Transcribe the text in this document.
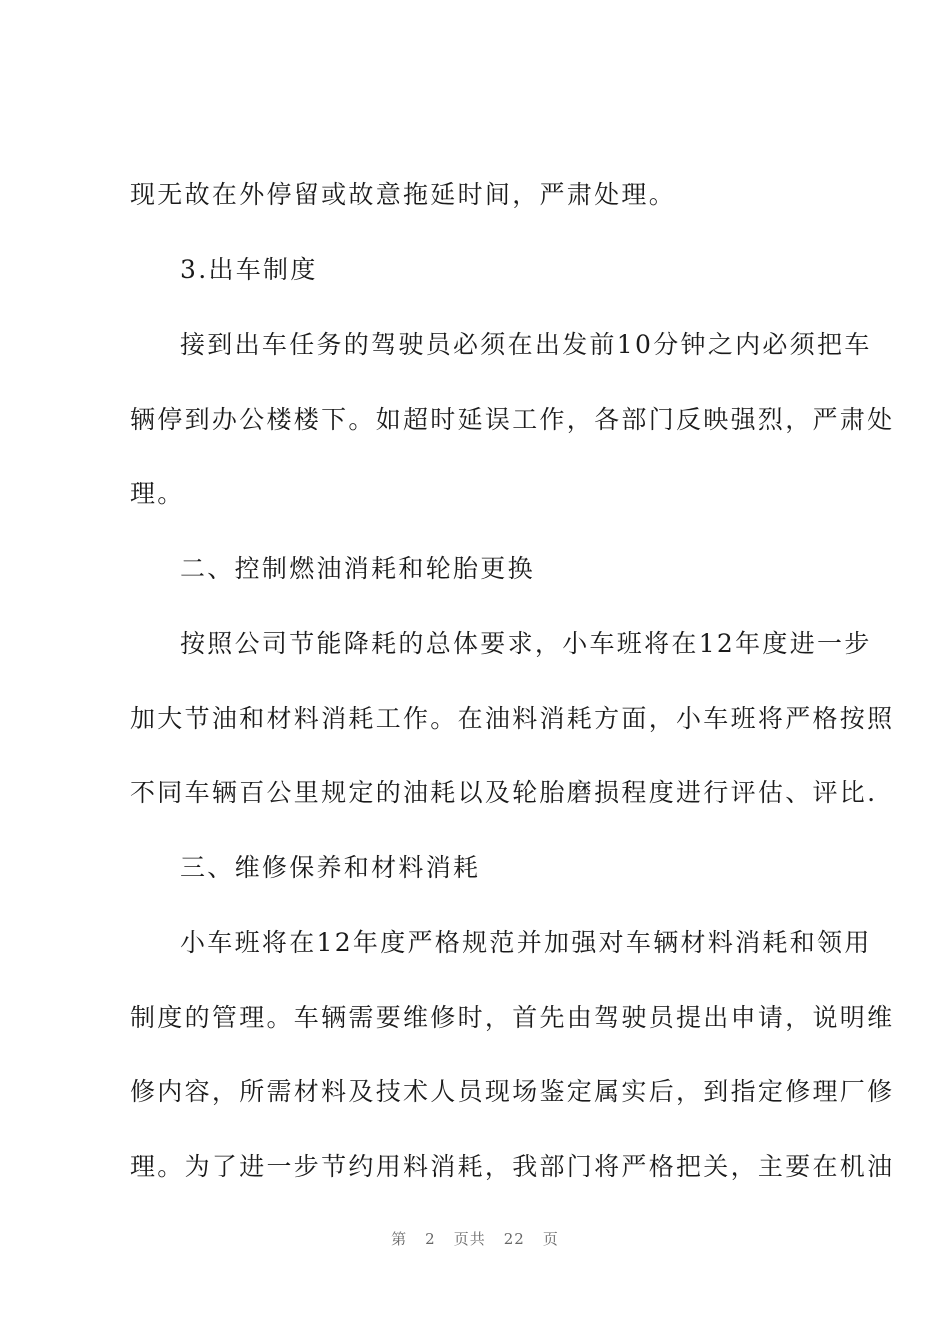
现无故在外停留或故意拖延时间，严肃处理。
3.出车制度
接到出车任务的驾驶员必须在出发前10分钟之内必须把车
辆停到办公楼楼下。如超时延误工作，各部门反映强烈，严肃处
理。
二、控制燃油消耗和轮胎更换
按照公司节能降耗的总体要求，小车班将在12年度进一步
加大节油和材料消耗工作。在油料消耗方面，小车班将严格按照
不同车辆百公里规定的油耗以及轮胎磨损程度进行评估、评比.
三、维修保养和材料消耗
小车班将在12年度严格规范并加强对车辆材料消耗和领用
制度的管理。车辆需要维修时，首先由驾驶员提出申请，说明维
修内容，所需材料及技术人员现场鉴定属实后，到指定修理厂修
理。为了进一步节约用料消耗，我部门将严格把关，主要在机油
第 2 页共 22 页
